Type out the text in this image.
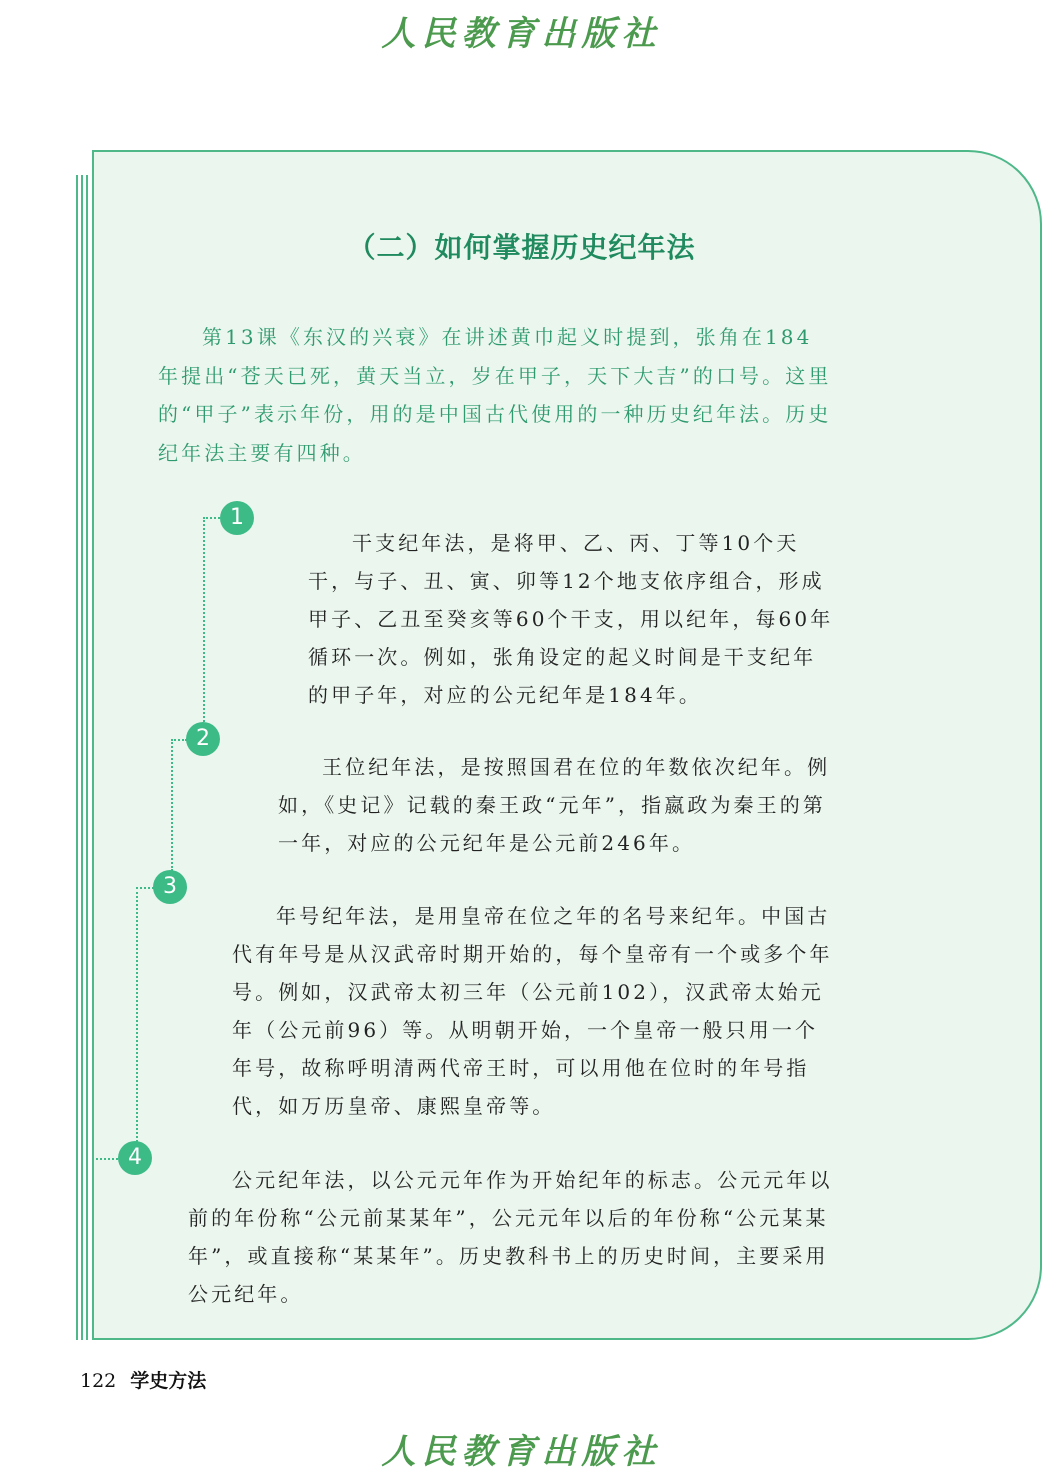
人民教育出版社
（二）如何掌握历史纪年法

第13课《东汉的兴衰》在讲述黄巾起义时提到，张角在184年提出“苍天已死，黄天当立，岁在甲子，天下大吉”的口号。这里的“甲子”表示年份，用的是中国古代使用的一种历史纪年法。历史纪年法主要有四种。

1
2
3
4

干支纪年法，是将甲、乙、丙、丁等10个天干，与子、丑、寅、卯等12个地支依序组合，形成甲子、乙丑至癸亥等60个干支，用以纪年，每60年循环一次。例如，张角设定的起义时间是干支纪年的甲子年，对应的公元纪年是184年。

王位纪年法，是按照国君在位的年数依次纪年。例如，《史记》记载的秦王政“元年”，指嬴政为秦王的第一年，对应的公元纪年是公元前246年。

年号纪年法，是用皇帝在位之年的名号来纪年。中国古代有年号是从汉武帝时期开始的，每个皇帝有一个或多个年号。例如，汉武帝太初三年（公元前102），汉武帝太始元年（公元前96）等。从明朝开始，一个皇帝一般只用一个年号，故称呼明清两代帝王时，可以用他在位时的年号指代，如万历皇帝、康熙皇帝等。

公元纪年法，以公元元年作为开始纪年的标志。公元元年以前的年份称“公元前某某年”，公元元年以后的年份称“公元某某年”，或直接称“某某年”。历史教科书上的历史时间，主要采用公元纪年。

122 学史方法
人民教育出版社
